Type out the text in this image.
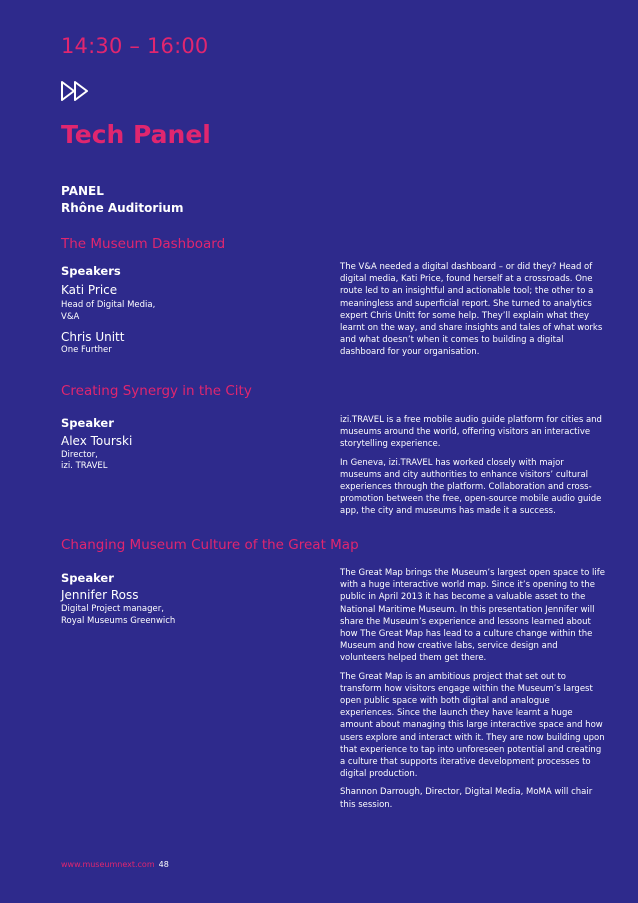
14:30 – 16:00
Tech Panel
PANEL
Rhône Auditorium
The Museum Dashboard
Speakers
Kati Price
Head of Digital Media,
V&A
Chris Unitt
One Further

The V&A needed a digital dashboard – or did they? Head of digital media, Kati Price, found herself at a crossroads. One route led to an insightful and actionable tool; the other to a meaningless and superficial report. She turned to analytics expert Chris Unitt for some help. They’ll explain what they learnt on the way, and share insights and tales of what works and what doesn’t when it comes to building a digital dashboard for your organisation.

Creating Synergy in the City
Speaker
Alex Tourski
Director,
izi. TRAVEL

izi.TRAVEL is a free mobile audio guide platform for cities and museums around the world, offering visitors an interactive storytelling experience.

In Geneva, izi.TRAVEL has worked closely with major museums and city authorities to enhance visitors’ cultural experiences through the platform. Collaboration and cross-promotion between the free, open-source mobile audio guide app, the city and museums has made it a success.

Changing Museum Culture of the Great Map
Speaker
Jennifer Ross
Digital Project manager,
Royal Museums Greenwich

The Great Map brings the Museum’s largest open space to life with a huge interactive world map. Since it’s opening to the public in April 2013 it has become a valuable asset to the National Maritime Museum. In this presentation Jennifer will share the Museum’s experience and lessons learned about how The Great Map has lead to a culture change within the Museum and how creative labs, service design and volunteers helped them get there.

The Great Map is an ambitious project that set out to transform how visitors engage within the Museum’s largest open public space with both digital and analogue experiences. Since the launch they have learnt a huge amount about managing this large interactive space and how users explore and interact with it. They are now building upon that experience to tap into unforeseen potential and creating a culture that supports iterative development processes to digital production.

Shannon Darrough, Director, Digital Media, MoMA will chair this session.

www.museumnext.com 48
